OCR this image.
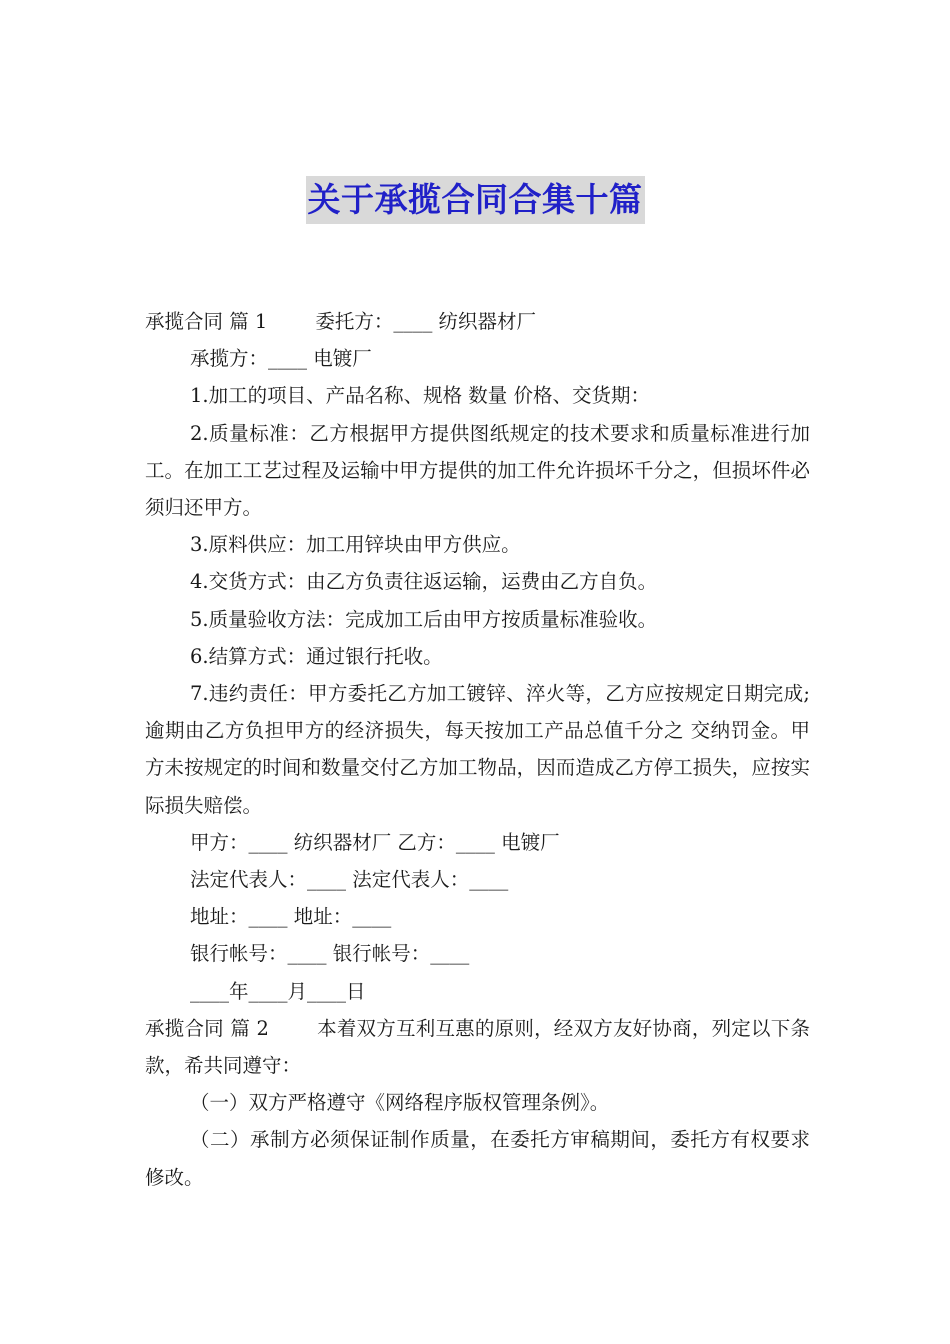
关于承揽合同合集十篇

承揽合同 篇 1 委托方：____ 纺织器材厂

承揽方：____ 电镀厂

1.加工的项目、产品名称、规格 数量 价格、交货期：

2.质量标准：乙方根据甲方提供图纸规定的技术要求和质量标准进行加工。在加工工艺过程及运输中甲方提供的加工件允许损坏千分之，但损坏件必须归还甲方。

3.原料供应：加工用锌块由甲方供应。

4.交货方式：由乙方负责往返运输，运费由乙方自负。

5.质量验收方法：完成加工后由甲方按质量标准验收。

6.结算方式：通过银行托收。

7.违约责任：甲方委托乙方加工镀锌、淬火等，乙方应按规定日期完成;逾期由乙方负担甲方的经济损失，每天按加工产品总值千分之 交纳罚金。甲方未按规定的时间和数量交付乙方加工物品，因而造成乙方停工损失，应按实际损失赔偿。

甲方：____ 纺织器材厂 乙方：____ 电镀厂

法定代表人：____ 法定代表人：____

地址：____ 地址：____

银行帐号：____ 银行帐号：____

____年____月____日

承揽合同 篇 2 本着双方互利互惠的原则，经双方友好协商，列定以下条款，希共同遵守：

（一）双方严格遵守《网络程序版权管理条例》。

（二）承制方必须保证制作质量，在委托方审稿期间，委托方有权要求修改。
